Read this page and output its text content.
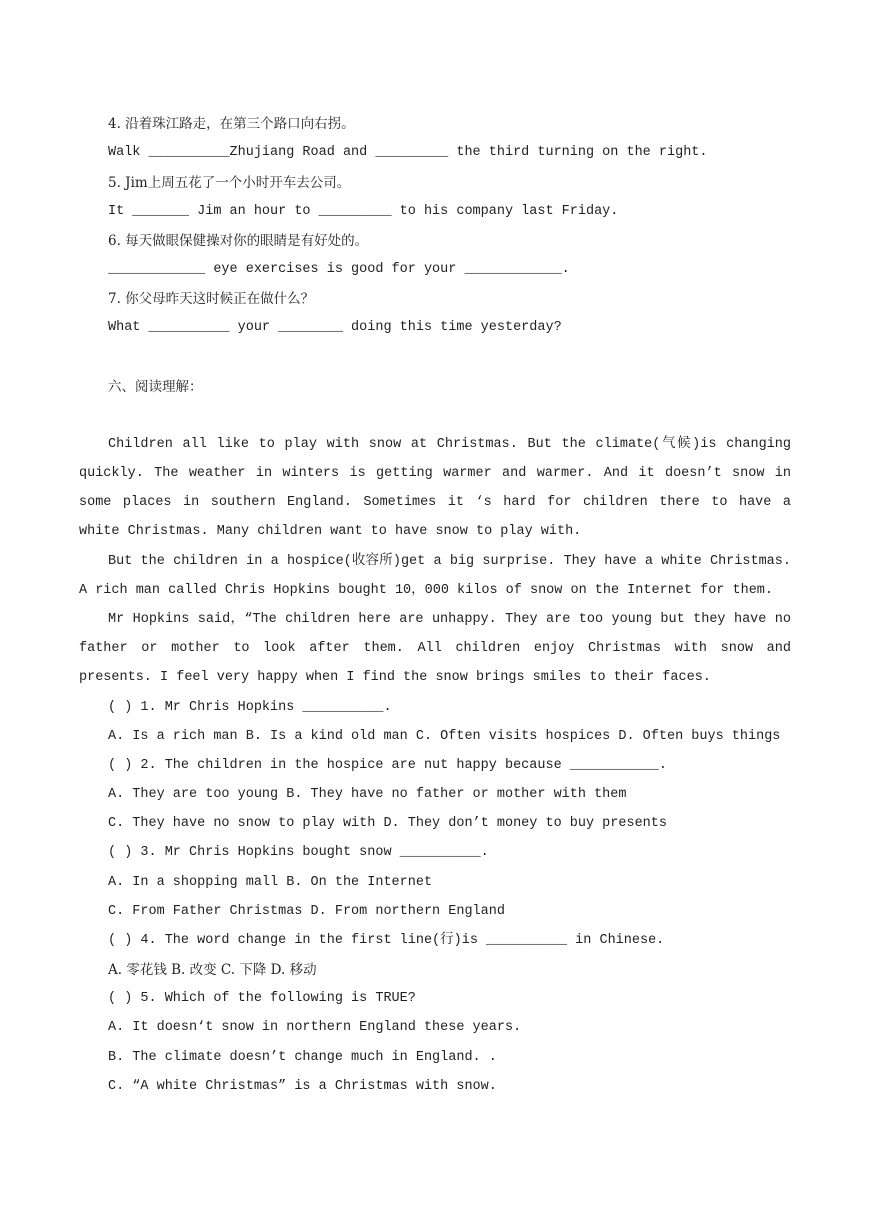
4. 沿着珠江路走，在第三个路口向右拐。
Walk __________Zhujiang Road and _________ the third turning on the right.
5. Jim上周五花了一个小时开车去公司。
It _______ Jim an hour to _________ to his company last Friday.
6. 每天做眼保健操对你的眼睛是有好处的。
____________ eye exercises is good for your ____________.
7. 你父母昨天这时候正在做什么？
What __________ your ________ doing this time yesterday?
六、阅读理解：
Children all like to play with snow at Christmas. But the climate(气候)is changing quickly. The weather in winters is getting warmer and warmer. And it doesn’t snow in some places in southern England. Sometimes it ‘s hard for children there to have a white Christmas. Many children want to have snow to play with.
But the children in a hospice(收容所)get a big surprise. They have a white Christmas. A rich man called Chris Hopkins bought 10，000 kilos of snow on the Internet for them.
Mr Hopkins said，“The children here are unhappy. They are too young but they have no father or mother to look after them. All children enjoy Christmas with snow and presents. I feel very happy when I find the snow brings smiles to their faces.
( ) 1. Mr Chris Hopkins __________.
A. Is a rich man B. Is a kind old man C. Often visits hospices D. Often buys things
( ) 2. The children in the hospice are nut happy because ___________.
A. They are too young B. They have no father or mother with them
C. They have no snow to play with D. They don’t money to buy presents
( ) 3. Mr Chris Hopkins bought snow __________.
A. In a shopping mall B. On the Internet
C. From Father Christmas D. From northern England
( ) 4. The word change in the first line(行)is __________ in Chinese.
A. 零花钱 B. 改变 C. 下降 D. 移动
( ) 5. Which of the following is TRUE?
A. It doesn‘t snow in northern England these years.
B. The climate doesn’t change much in England. .
C. “A white Christmas” is a Christmas with snow.
